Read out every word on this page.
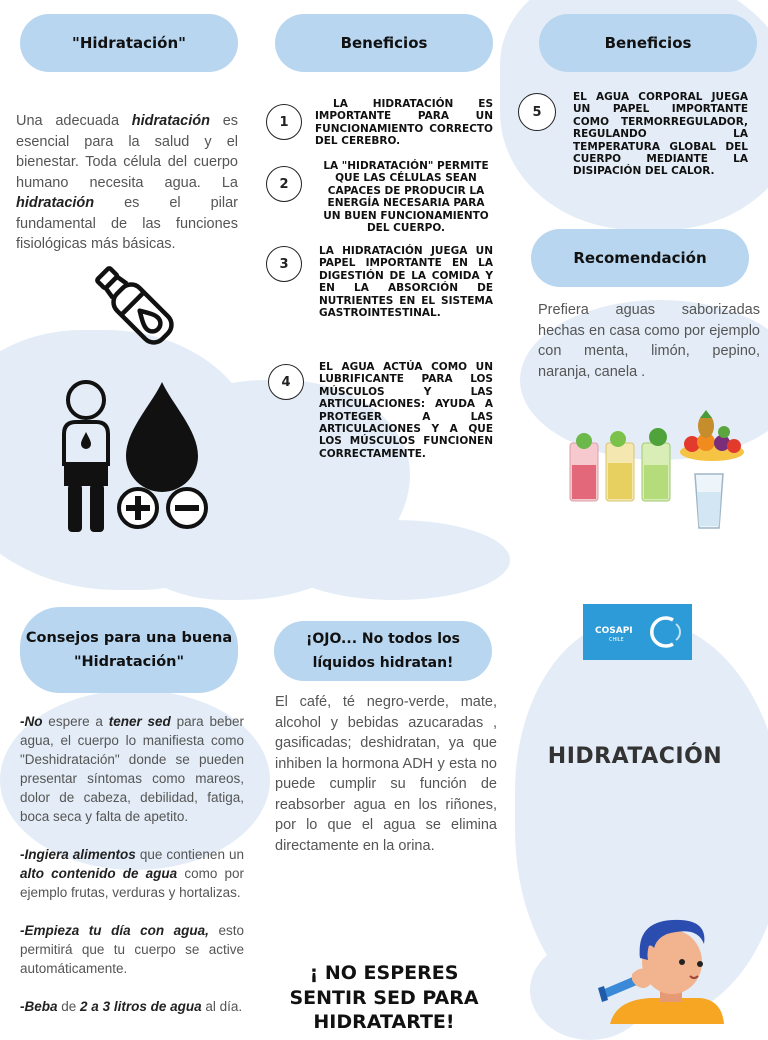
"Hidratación"
Una adecuada hidratación es esencial para la salud y el bienestar. Toda célula del cuerpo humano necesita agua. La hidratación es el pilar fundamental de las funciones fisiológicas más básicas.
Beneficios
1
LA HIDRATACIÓN ES IMPORTANTE PARA UN FUNCIONAMIENTO CORRECTO DEL CEREBRO.
2
LA "HIDRATACIÓN" PERMITE QUE LAS CÉLULAS SEAN CAPACES DE PRODUCIR LA ENERGÍA NECESARIA PARA UN BUEN FUNCIONAMIENTO DEL CUERPO.
3
LA HIDRATACIÓN JUEGA UN PAPEL IMPORTANTE EN LA DIGESTIÓN DE LA COMIDA Y EN LA ABSORCIÓN DE NUTRIENTES EN EL SISTEMA GASTROINTESTINAL.
4
EL AGUA ACTÚA COMO UN LUBRIFICANTE PARA LOS MÚSCULOS Y LAS ARTICULACIONES: AYUDA A PROTEGER A LAS ARTICULACIONES Y A QUE LOS MÚSCULOS FUNCIONEN CORRECTAMENTE.
Beneficios
5
EL AGUA CORPORAL JUEGA UN PAPEL IMPORTANTE COMO TERMORREGULADOR, REGULANDO LA TEMPERATURA GLOBAL DEL CUERPO MEDIANTE LA DISIPACIÓN DEL CALOR.
Recomendación
Prefiera aguas saborizadas hechas en casa como por ejemplo con menta, limón, pepino, naranja, canela .
Consejos para una buena
"Hidratación"

-No espere a tener sed para beber agua, el cuerpo lo manifiesta como "Deshidratación" donde se pueden presentar síntomas como mareos, dolor de cabeza, debilidad, fatiga, boca seca y falta de apetito.

-Ingiera alimentos que contienen un alto contenido de agua como por ejemplo frutas, verduras y hortalizas.

-Empieza tu día con agua, esto permitirá que tu cuerpo se active automáticamente.

-Beba de 2 a 3 litros de agua al día.

¡OJO... No todos los
líquidos hidratan!
El café, té negro-verde, mate, alcohol y bebidas azucaradas , gasificadas; deshidratan, ya que inhiben la hormona ADH y esta no puede cumplir su función de reabsorber agua en los riñones, por lo que el agua se elimina directamente en la orina.
¡ NO ESPERES
SENTIR SED PARA
HIDRATARTE!
COSAPI
CHILE
HIDRATACIÓN
